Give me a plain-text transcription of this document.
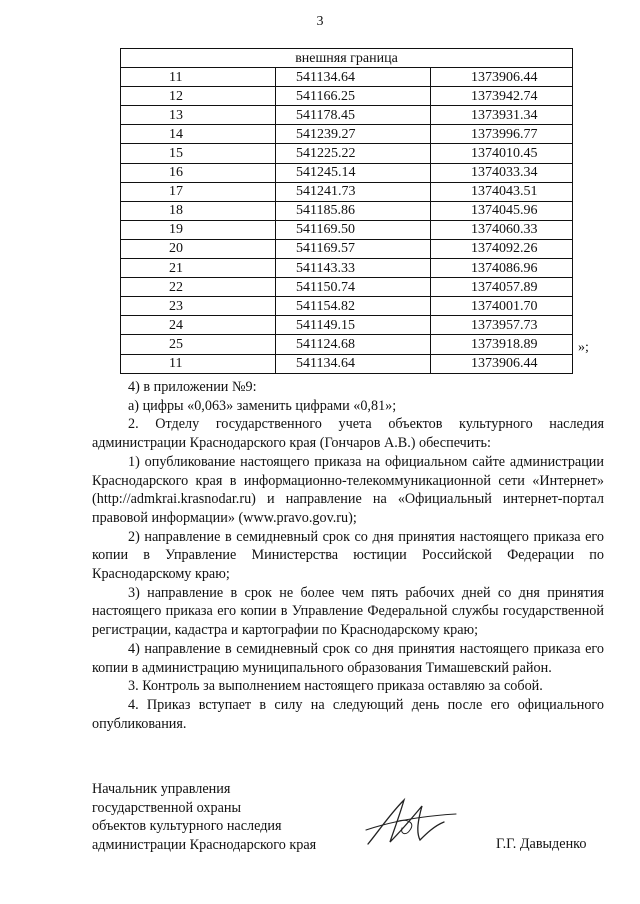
3
внешняя граница		
11	541134.64	1373906.44
12	541166.25	1373942.74
13	541178.45	1373931.34
14	541239.27	1373996.77
15	541225.22	1374010.45
16	541245.14	1374033.34
17	541241.73	1374043.51
18	541185.86	1374045.96
19	541169.50	1374060.33
20	541169.57	1374092.26
21	541143.33	1374086.96
22	541150.74	1374057.89
23	541154.82	1374001.70
24	541149.15	1373957.73
25	541124.68	1373918.89
11	541134.64	1373906.44
»;

4) в приложении №9:

а) цифры «0,063» заменить цифрами «0,81»;

2. Отделу государственного учета объектов культурного наследия администрации Краснодарского края (Гончаров А.В.) обеспечить:

1) опубликование настоящего приказа на официальном сайте администрации Краснодарского края в информационно-телекоммуникационной сети «Интернет» (http://admkrai.krasnodar.ru) и направление на «Официальный интернет-портал правовой информации» (www.pravo.gov.ru);

2) направление в семидневный срок со дня принятия настоящего приказа его копии в Управление Министерства юстиции Российской Федерации по Краснодарскому краю;

3) направление в срок не более чем пять рабочих дней со дня принятия настоящего приказа его копии в Управление Федеральной службы государственной регистрации, кадастра и картографии по Краснодарскому краю;

4) направление в семидневный срок со дня принятия настоящего приказа его копии в администрацию муниципального образования Тимашевский район.

3. Контроль за выполнением настоящего приказа оставляю за собой.

4. Приказ вступает в силу на следующий день после его официального опубликования.

Начальник управления
государственной охраны
объектов культурного наследия
администрации Краснодарского края	Г.Г. Давыденко
